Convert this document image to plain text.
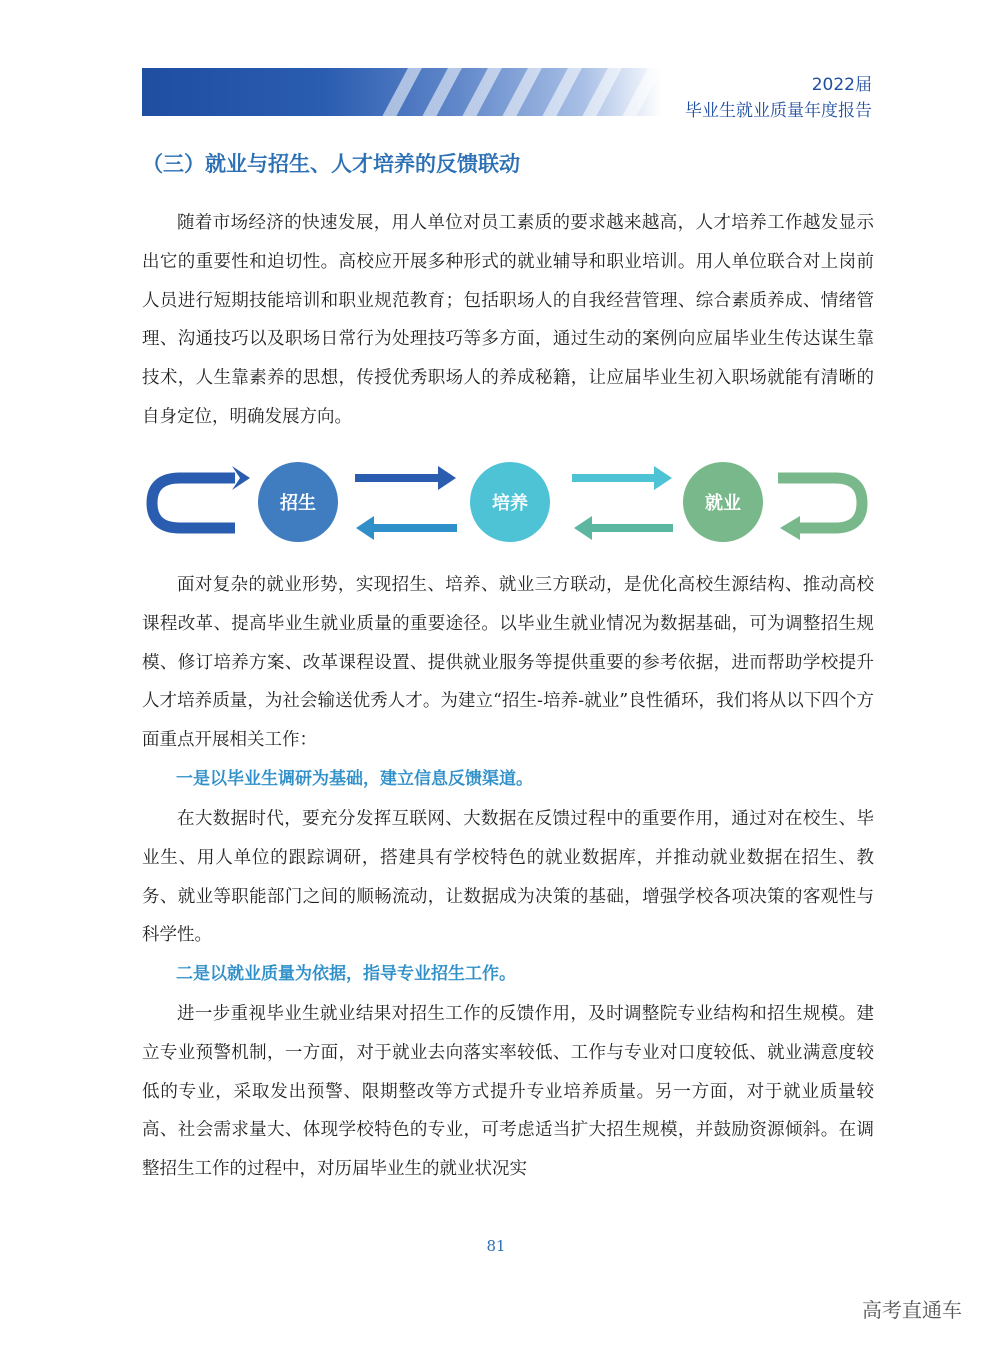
2022届
毕业生就业质量年度报告
（三）就业与招生、人才培养的反馈联动

随着市场经济的快速发展，用人单位对员工素质的要求越来越高，人才培养工作越发显示出它的重要性和迫切性。高校应开展多种形式的就业辅导和职业培训。用人单位联合对上岗前人员进行短期技能培训和职业规范教育；包括职场人的自我经营管理、综合素质养成、情绪管理、沟通技巧以及职场日常行为处理技巧等多方面，通过生动的案例向应届毕业生传达谋生靠技术，人生靠素养的思想，传授优秀职场人的养成秘籍，让应届毕业生初入职场就能有清晰的自身定位，明确发展方向。

招生	培养	就业

面对复杂的就业形势，实现招生、培养、就业三方联动，是优化高校生源结构、推动高校课程改革、提高毕业生就业质量的重要途径。以毕业生就业情况为数据基础，可为调整招生规模、修订培养方案、改革课程设置、提供就业服务等提供重要的参考依据，进而帮助学校提升人才培养质量，为社会输送优秀人才。为建立“招生-培养-就业”良性循环，我们将从以下四个方面重点开展相关工作：

一是以毕业生调研为基础，建立信息反馈渠道。

在大数据时代，要充分发挥互联网、大数据在反馈过程中的重要作用，通过对在校生、毕业生、用人单位的跟踪调研，搭建具有学校特色的就业数据库，并推动就业数据在招生、教务、就业等职能部门之间的顺畅流动，让数据成为决策的基础，增强学校各项决策的客观性与科学性。

二是以就业质量为依据，指导专业招生工作。

进一步重视毕业生就业结果对招生工作的反馈作用，及时调整院专业结构和招生规模。建立专业预警机制，一方面，对于就业去向落实率较低、工作与专业对口度较低、就业满意度较低的专业，采取发出预警、限期整改等方式提升专业培养质量。另一方面，对于就业质量较高、社会需求量大、体现学校特色的专业，可考虑适当扩大招生规模，并鼓励资源倾斜。在调整招生工作的过程中，对历届毕业生的就业状况实

81
高考直通车
